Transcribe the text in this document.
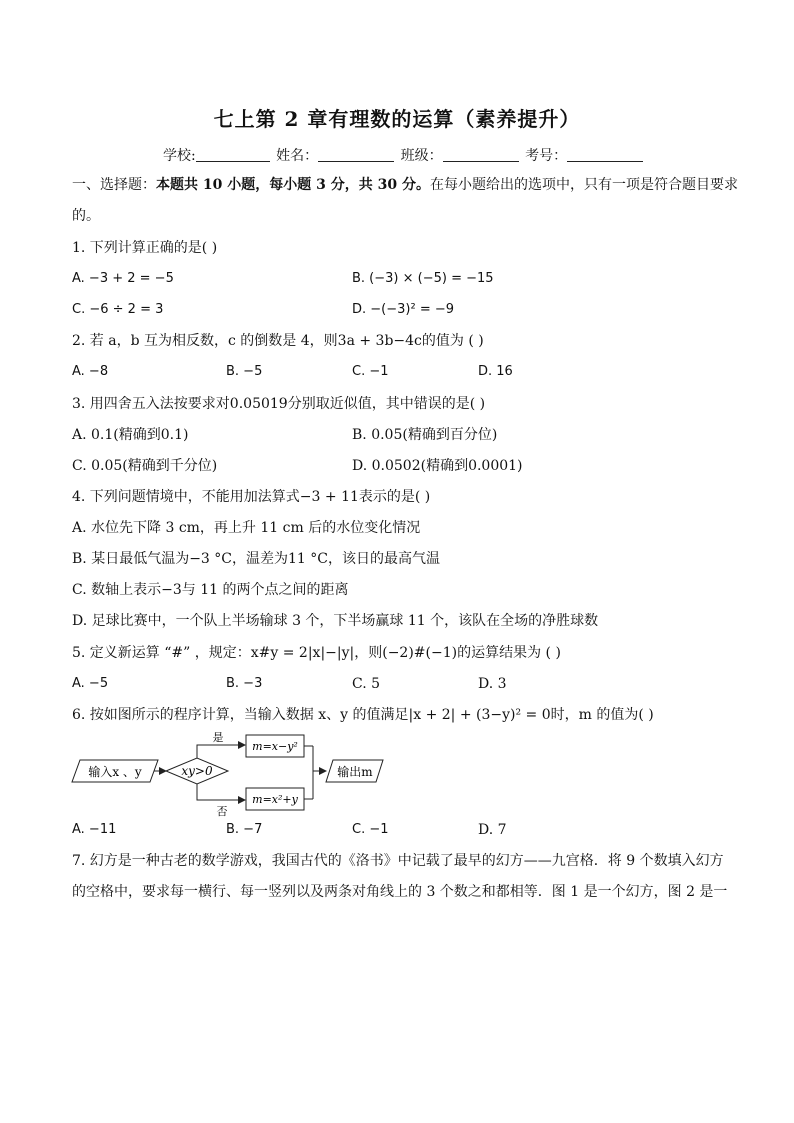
七上第 2 章有理数的运算（素养提升）
学校:	姓名：	班级：	考号：
一、选择题：本题共 10 小题，每小题 3 分，共 30 分。在每小题给出的选项中，只有一项是符合题目要求
的。
1. 下列计算正确的是( )
A. −3 + 2 = −5	B. (−3) × (−5) = −15
C. −6 ÷ 2 = 3	D. −(−3)² = −9
2. 若 a，b 互为相反数，c 的倒数是 4，则3a + 3b−4c的值为 ( )
A. −8	B. −5	C. −1	D. 16
3. 用四舍五入法按要求对0.05019分别取近似值，其中错误的是( )
A. 0.1(精确到0.1)	B. 0.05(精确到百分位)
C. 0.05(精确到千分位)	D. 0.0502(精确到0.0001)
4. 下列问题情境中，不能用加法算式−3 + 11表示的是( )
A. 水位先下降 3 cm，再上升 11 cm 后的水位变化情况
B. 某日最低气温为−3 °C，温差为11 °C，该日的最高气温
C. 数轴上表示−3与 11 的两个点之间的距离
D. 足球比赛中，一个队上半场输球 3 个，下半场赢球 11 个，该队在全场的净胜球数
5. 定义新运算 “#” ，规定：x#y = 2|x|−|y|，则(−2)#(−1)的运算结果为 ( )
A. −5	B. −3	C. 5	D. 3
6. 按如图所示的程序计算，当输入数据 x、y 的值满足|x + 2| + (3−y)² = 0时，m 的值为( )
输入x 、y	xy>0
是
m=x−y²
否
m=x²+y
输出m
A. −11	B. −7	C. −1	D. 7
7. 幻方是一种古老的数学游戏，我国古代的《洛书》中记载了最早的幻方——九宫格．将 9 个数填入幻方
的空格中，要求每一横行、每一竖列以及两条对角线上的 3 个数之和都相等．图 1 是一个幻方，图 2 是一
